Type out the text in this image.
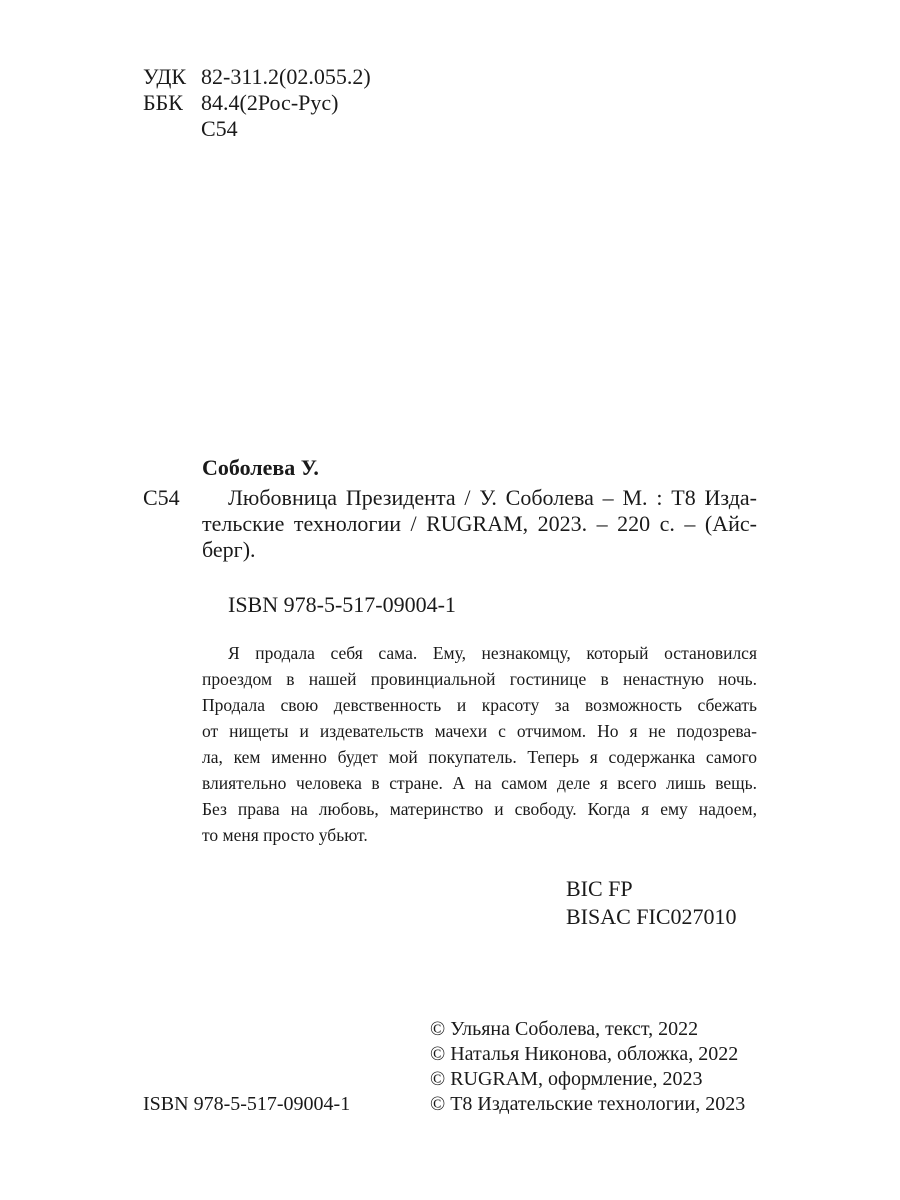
УДК 82-311.2(02.055.2)
ББК 84.4(2Рос-Рус)
С54
Соболева У.
С54	Любовница Президента / У. Соболева – М. : Т8 Изда-
тельские технологии / RUGRAM, 2023. – 220 с. – (Айс-
берг).
ISBN 978-5-517-09004-1
Я продала себя сама. Ему, незнакомцу, который остановился
проездом в нашей провинциальной гостинице в ненастную ночь.
Продала свою девственность и красоту за возможность сбежать
от нищеты и издевательств мачехи с отчимом. Но я не подозрева-
ла, кем именно будет мой покупатель. Теперь я содержанка самого
влиятельно человека в стране. А на самом деле я всего лишь вещь.
Без права на любовь, материнство и свободу. Когда я ему надоем,
то меня просто убьют.
BIC FP
BISAC FIC027010
© Ульяна Соболева, текст, 2022
© Наталья Никонова, обложка, 2022
© RUGRAM, оформление, 2023
© Т8 Издательские технологии, 2023
ISBN 978-5-517-09004-1
